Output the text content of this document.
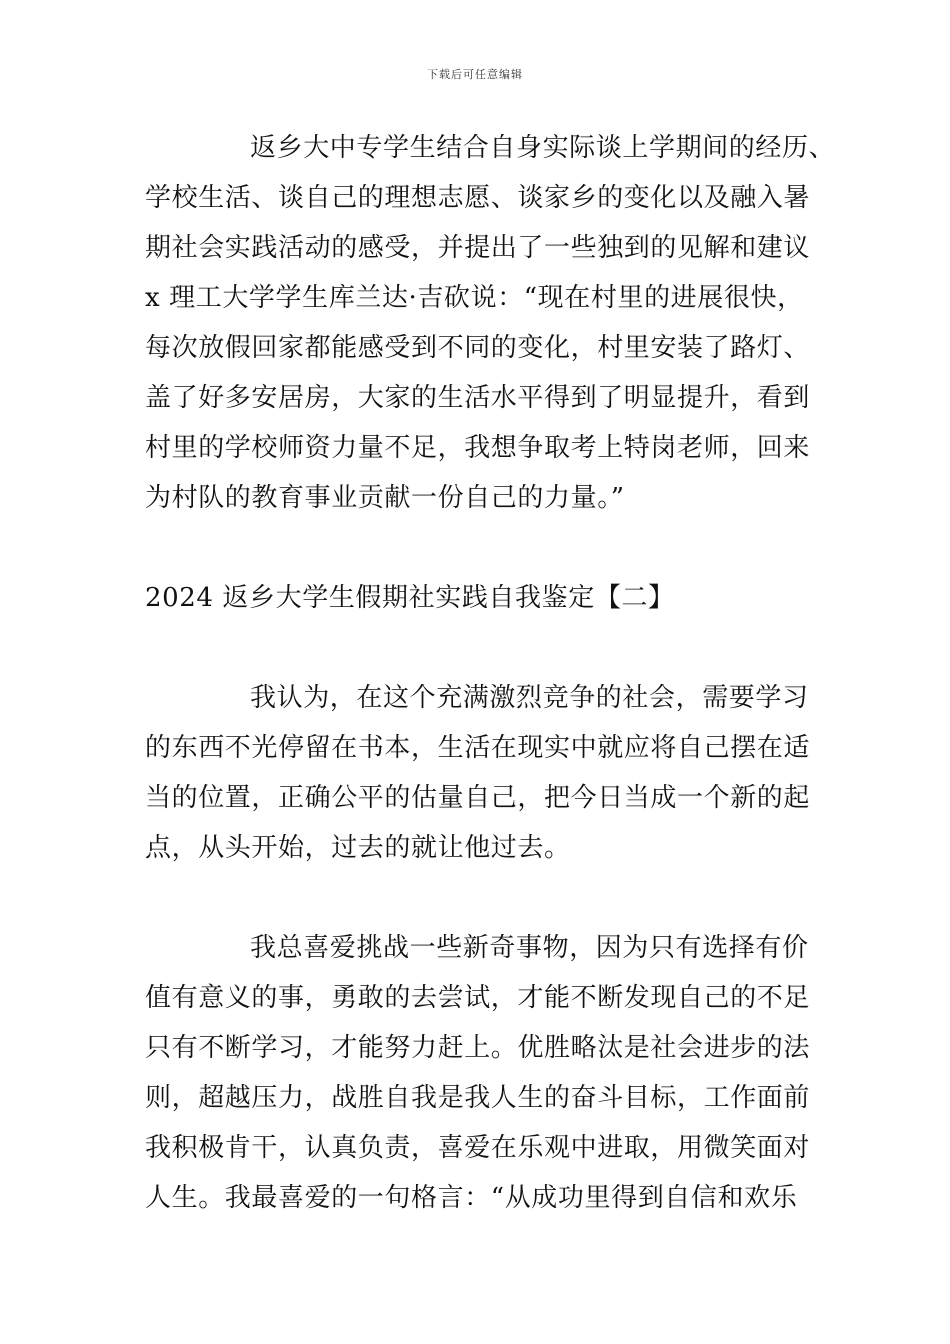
下载后可任意编辑
返乡大中专学生结合自身实际谈上学期间的经历、
学校生活、谈自己的理想志愿、谈家乡的变化以及融入暑
期社会实践活动的感受，并提出了一些独到的见解和建议
x 理工大学学生库兰达·吉砍说：“现在村里的进展很快，
每次放假回家都能感受到不同的变化，村里安装了路灯、
盖了好多安居房，大家的生活水平得到了明显提升，看到
村里的学校师资力量不足，我想争取考上特岗老师，回来
为村队的教育事业贡献一份自己的力量。”
2024 返乡大学生假期社实践自我鉴定【二】
我认为，在这个充满激烈竞争的社会，需要学习
的东西不光停留在书本，生活在现实中就应将自己摆在适
当的位置，正确公平的估量自己，把今日当成一个新的起
点，从头开始，过去的就让他过去。
我总喜爱挑战一些新奇事物，因为只有选择有价
值有意义的事，勇敢的去尝试，才能不断发现自己的不足
只有不断学习，才能努力赶上。优胜略汰是社会进步的法
则，超越压力，战胜自我是我人生的奋斗目标，工作面前
我积极肯干，认真负责，喜爱在乐观中进取，用微笑面对
人生。我最喜爱的一句格言：“从成功里得到自信和欢乐
